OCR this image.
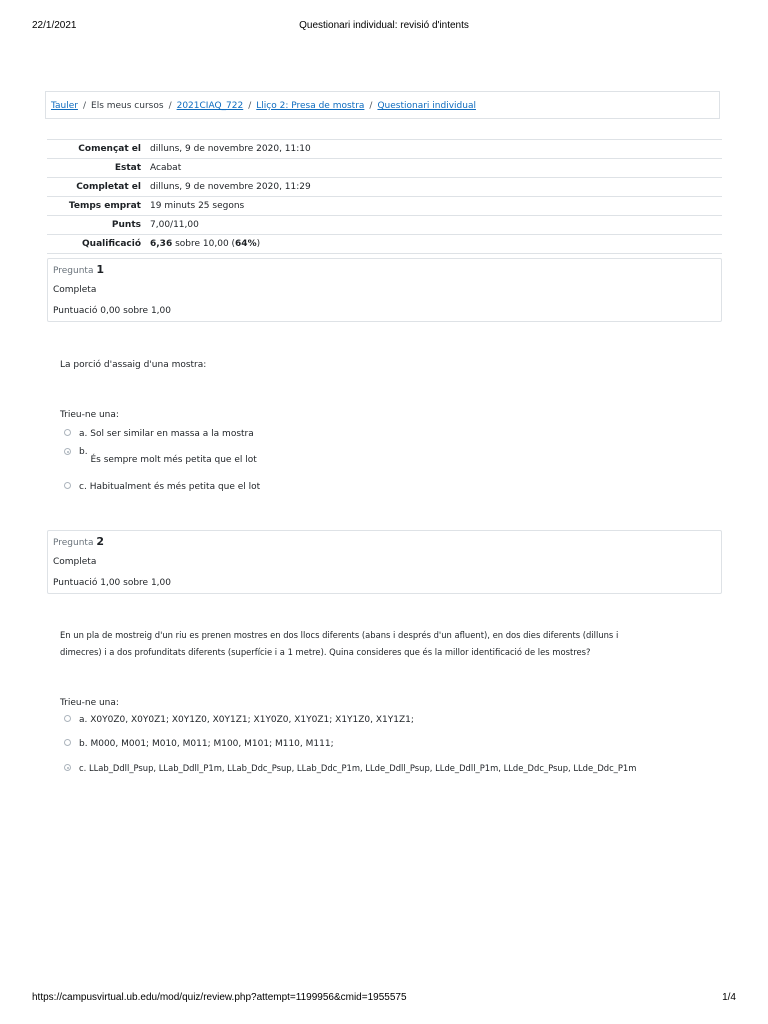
Questionari individual: revisió d'intents
22/1/2021
Tauler / Els meus cursos / 2021CIAQ_722 / Lliço 2: Presa de mostra / Questionari individual
Començat el	dilluns, 9 de novembre 2020, 11:10
Estat	Acabat
Completat el	dilluns, 9 de novembre 2020, 11:29
Temps emprat	19 minuts 25 segons
Punts	7,00/11,00
Qualificació	6,36 sobre 10,00 (64%)
Pregunta 1
Completa
Puntuació 0,00 sobre 1,00
La porció d'assaig d'una mostra:
Trieu-ne una:
a. Sol ser similar en massa a la mostra
b. És sempre molt més petita que el lot
c. Habitualment és més petita que el lot
Pregunta 2
Completa
Puntuació 1,00 sobre 1,00
En un pla de mostreig d'un riu es prenen mostres en dos llocs diferents (abans i després d'un afluent), en dos dies diferents (dilluns i
dimecres) i a dos profunditats diferents (superfície i a 1 metre). Quina consideres que és la millor identificació de les mostres?
Trieu-ne una:
a. X0Y0Z0, X0Y0Z1; X0Y1Z0, X0Y1Z1; X1Y0Z0, X1Y0Z1; X1Y1Z0, X1Y1Z1;
b. M000, M001; M010, M011; M100, M101; M110, M111;
c. LLab_Ddll_Psup, LLab_Ddll_P1m, LLab_Ddc_Psup, LLab_Ddc_P1m, LLde_Ddll_Psup, LLde_Ddll_P1m, LLde_Ddc_Psup, LLde_Ddc_P1m
https://campusvirtual.ub.edu/mod/quiz/review.php?attempt=1199956&cmid=1955575	1/4
